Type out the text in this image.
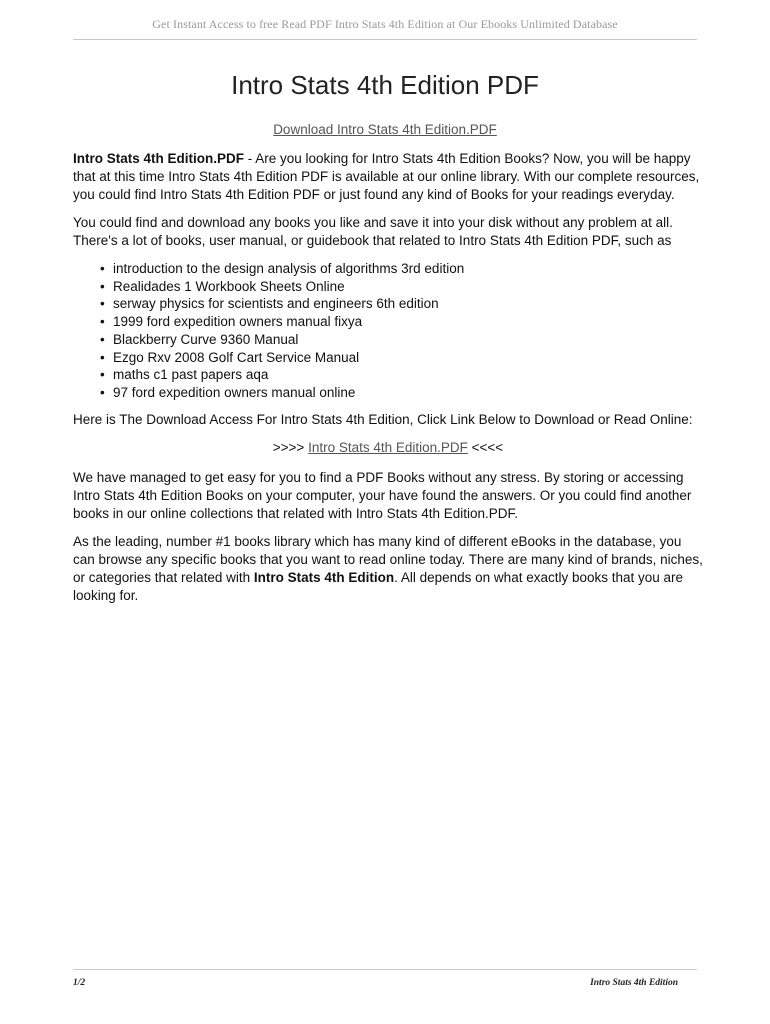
Get Instant Access to free Read PDF Intro Stats 4th Edition at Our Ebooks Unlimited Database
Intro Stats 4th Edition PDF
Download Intro Stats 4th Edition.PDF

Intro Stats 4th Edition.PDF - Are you looking for Intro Stats 4th Edition Books? Now, you will be happy that at this time Intro Stats 4th Edition PDF is available at our online library. With our complete resources, you could find Intro Stats 4th Edition PDF or just found any kind of Books for your readings everyday.

You could find and download any books you like and save it into your disk without any problem at all. There's a lot of books, user manual, or guidebook that related to Intro Stats 4th Edition PDF, such as

• introduction to the design analysis of algorithms 3rd edition
• Realidades 1 Workbook Sheets Online
• serway physics for scientists and engineers 6th edition
• 1999 ford expedition owners manual fixya
• Blackberry Curve 9360 Manual
• Ezgo Rxv 2008 Golf Cart Service Manual
• maths c1 past papers aqa
• 97 ford expedition owners manual online

Here is The Download Access For Intro Stats 4th Edition, Click Link Below to Download or Read Online:

>>>> Intro Stats 4th Edition.PDF <<<<

We have managed to get easy for you to find a PDF Books without any stress. By storing or accessing Intro Stats 4th Edition Books on your computer, your have found the answers. Or you could find another books in our online collections that related with Intro Stats 4th Edition.PDF.

As the leading, number #1 books library which has many kind of different eBooks in the database, you can browse any specific books that you want to read online today. There are many kind of brands, niches, or categories that related with Intro Stats 4th Edition. All depends on what exactly books that you are looking for.

1/2	Intro Stats 4th Edition
